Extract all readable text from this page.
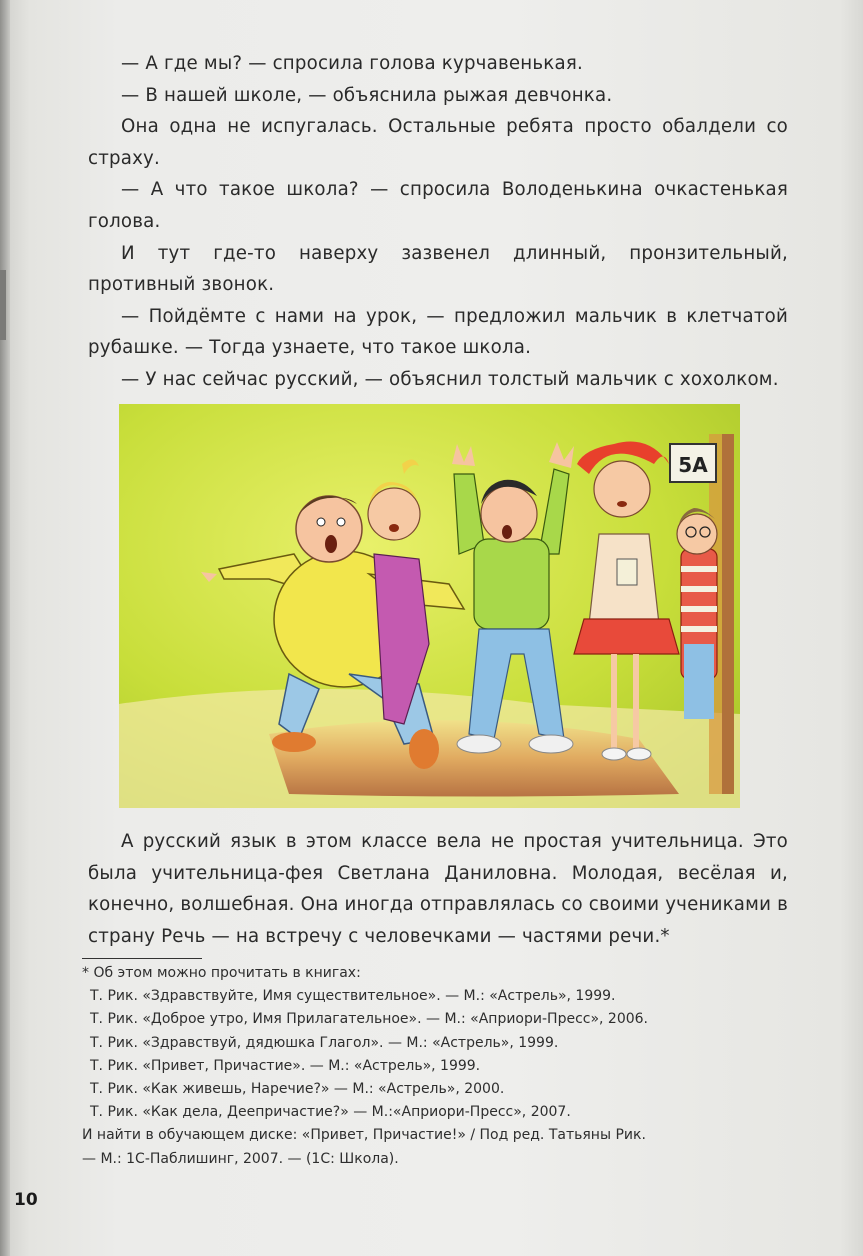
— А где мы? — спросила голова курчавенькая.

— В нашей школе, — объяснила рыжая девчонка.

Она одна не испугалась. Остальные ребята просто обалдели со страху.

— А что такое школа? — спросила Володенькина очкастенькая голова.

И тут где-то наверху зазвенел длинный, пронзительный, противный звонок.

— Пойдёмте с нами на урок, — предложил мальчик в клетчатой рубашке. — Тогда узнаете, что такое школа.

— У нас сейчас русский, — объяснил толстый мальчик с хохолком.

5А

А русский язык в этом классе вела не простая учительница. Это была учительница-фея Светлана Даниловна. Молодая, весёлая и, конечно, волшебная. Она иногда отправлялась со своими учениками в страну Речь — на встречу с человечками — частями речи.*

* Об этом можно прочитать в книгах:
Т. Рик. «Здравствуйте, Имя существительное». — М.: «Астрель», 1999.
Т. Рик. «Доброе утро, Имя Прилагательное». — М.: «Априори-Пресс», 2006.
Т. Рик. «Здравствуй, дядюшка Глагол». — М.: «Астрель», 1999.
Т. Рик. «Привет, Причастие». — М.: «Астрель», 1999.
Т. Рик. «Как живешь, Наречие?» — М.: «Астрель», 2000.
Т. Рик. «Как дела, Деепричастие?» — М.:«Априори-Пресс», 2007.
И найти в обучающем диске: «Привет, Причастие!» / Под ред. Татьяны Рик.
— М.: 1С-Паблишинг, 2007. — (1С: Школа).
10
